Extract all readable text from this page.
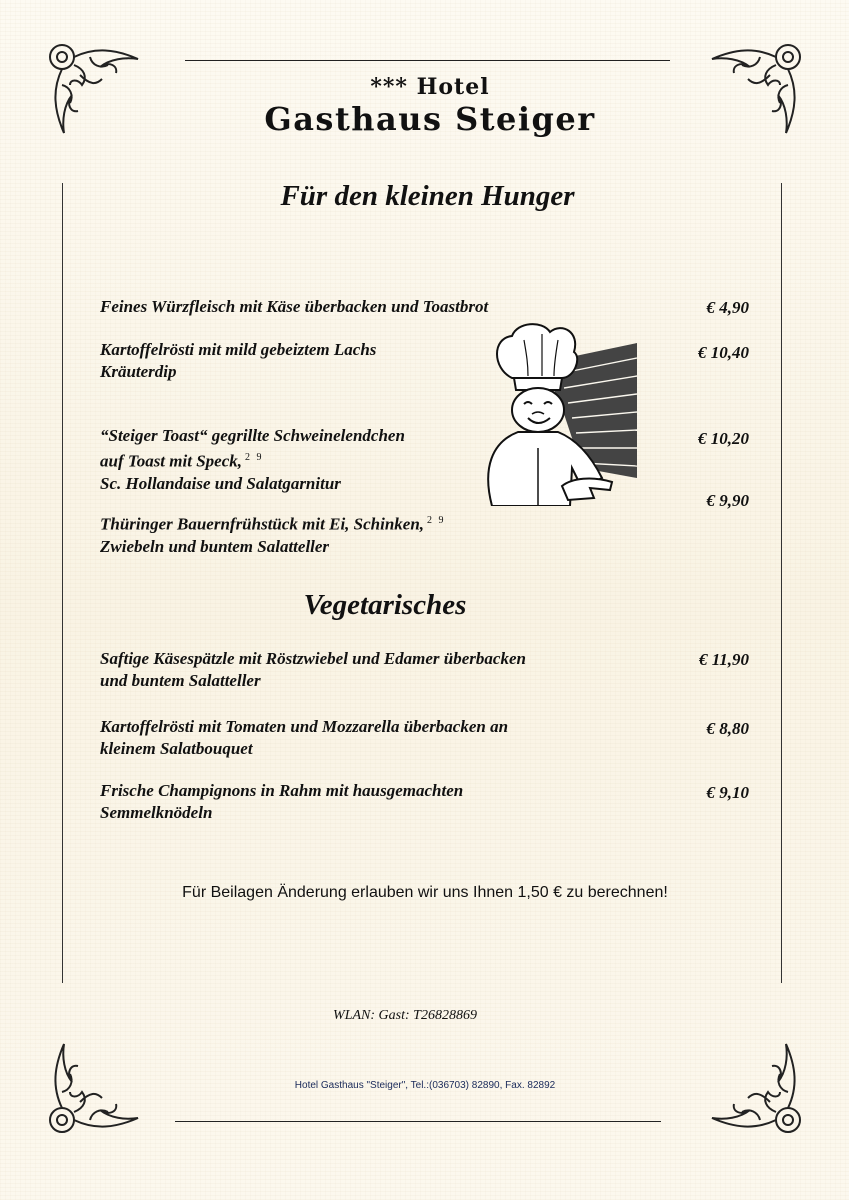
*** Hotel
Gasthaus Steiger
Für den kleinen Hunger
Feines Würzfleisch mit Käse überbacken und Toastbrot	€ 4,90
Kartoffelrösti mit mild gebeiztem Lachs
Kräuterdip
€ 10,40
“Steiger Toast“ gegrillte Schweinelendchen
auf Toast mit Speck, $^{2 9}$
Sc. Hollandaise und Salatgarnitur
€ 10,20
€ 9,90
Thüringer Bauernfrühstück mit Ei, Schinken, $^{2 9}$
Zwiebeln und buntem Salatteller
Vegetarisches
Saftige Käsespätzle mit Röstzwiebel und Edamer überbacken
und buntem Salatteller
€ 11,90
Kartoffelrösti mit Tomaten und Mozzarella überbacken an
kleinem Salatbouquet
€ 8,80
Frische Champignons in Rahm mit hausgemachten
Semmelknödeln
€ 9,10
Für Beilagen Änderung erlauben wir uns Ihnen 1,50 € zu berechnen!
WLAN: Gast: T26828869
Hotel Gasthaus "Steiger", Tel.:(036703) 82890, Fax. 82892
